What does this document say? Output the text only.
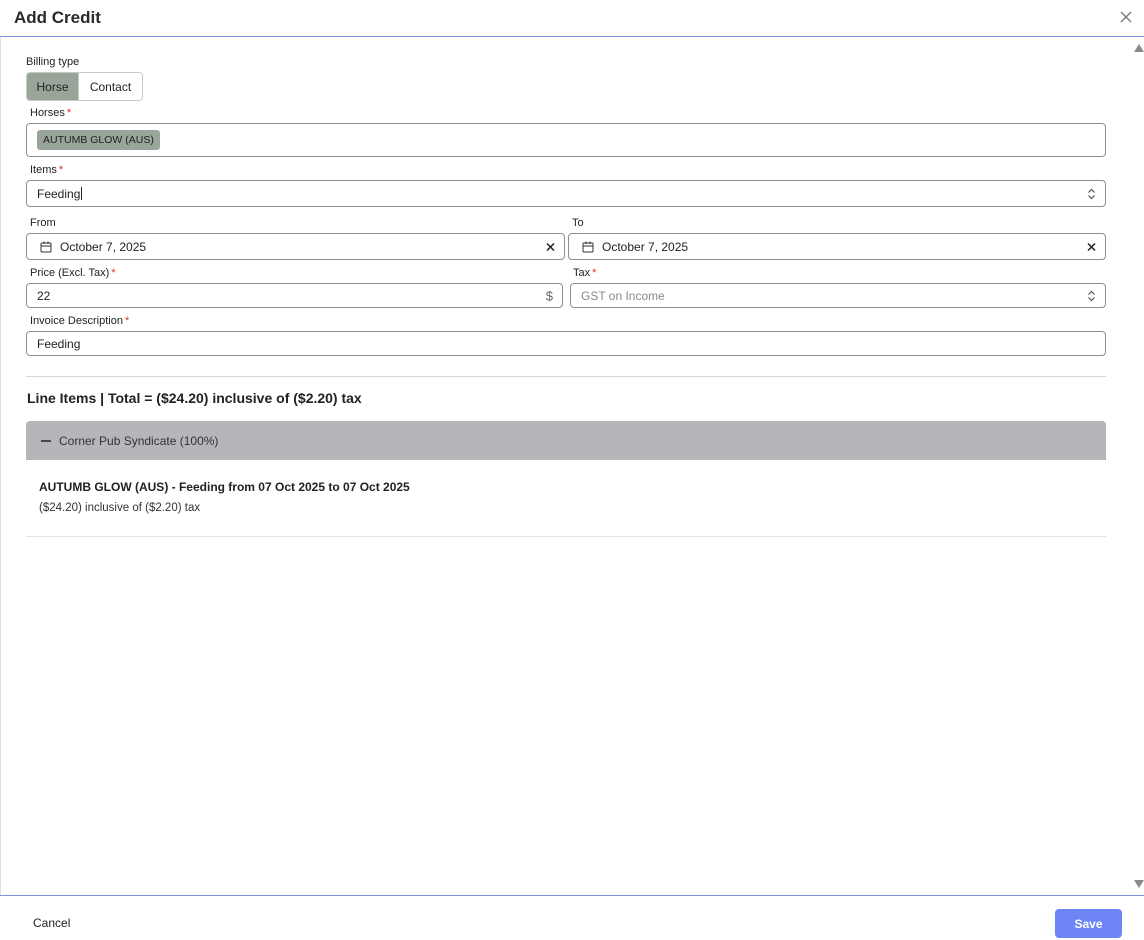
Add Credit
Billing type
Horse	Contact
Horses *
AUTUMB GLOW (AUS)
Items *
Feeding
From
October 7, 2025
To
October 7, 2025
Price (Excl. Tax) *
22	$
Tax *
GST on Income
Invoice Description *
Feeding
Line Items | Total = ($24.20) inclusive of ($2.20) tax
Corner Pub Syndicate (100%)
AUTUMB GLOW (AUS) - Feeding from 07 Oct 2025 to 07 Oct 2025
($24.20) inclusive of ($2.20) tax
Cancel	Save
